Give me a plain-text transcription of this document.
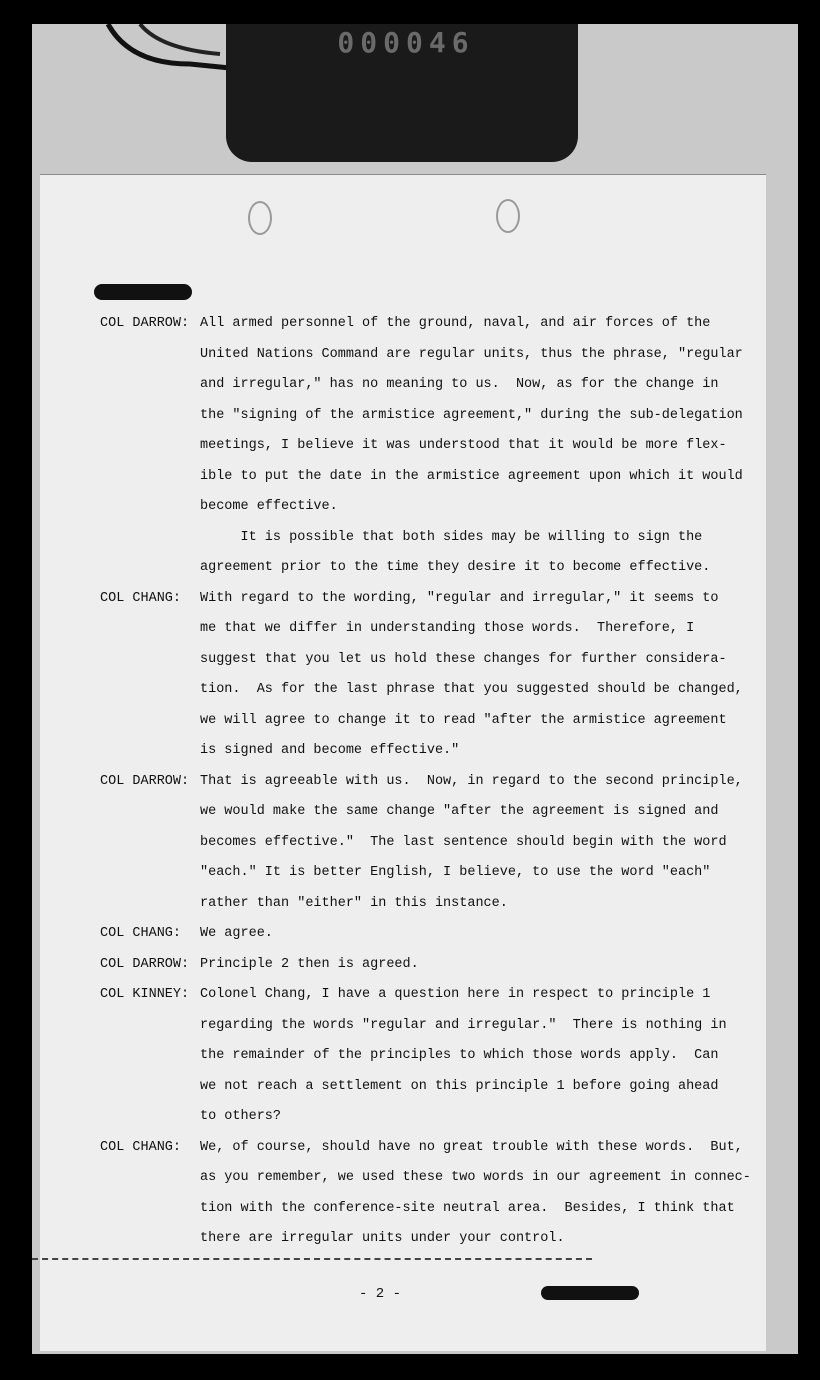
000046
COL DARROW: All armed personnel of the ground, naval, and air forces of the
United Nations Command are regular units, thus the phrase, "regular
and irregular," has no meaning to us.  Now, as for the change in
the "signing of the armistice agreement," during the sub-delegation
meetings, I believe it was understood that it would be more flex-
ible to put the date in the armistice agreement upon which it would
become effective.
It is possible that both sides may be willing to sign the
agreement prior to the time they desire it to become effective.
COL CHANG: With regard to the wording, "regular and irregular," it seems to
me that we differ in understanding those words.  Therefore, I
suggest that you let us hold these changes for further considera-
tion.  As for the last phrase that you suggested should be changed,
we will agree to change it to read "after the armistice agreement
is signed and become effective."
COL DARROW: That is agreeable with us.  Now, in regard to the second principle,
we would make the same change "after the agreement is signed and
becomes effective."  The last sentence should begin with the word
"each." It is better English, I believe, to use the word "each"
rather than "either" in this instance.
COL CHANG: We agree.
COL DARROW: Principle 2 then is agreed.
COL KINNEY: Colonel Chang, I have a question here in respect to principle 1
regarding the words "regular and irregular."  There is nothing in
the remainder of the principles to which those words apply.  Can
we not reach a settlement on this principle 1 before going ahead
to others?
COL CHANG: We, of course, should have no great trouble with these words.  But,
as you remember, we used these two words in our agreement in connec-
tion with the conference-site neutral area.  Besides, I think that
there are irregular units under your control.
- 2 -
